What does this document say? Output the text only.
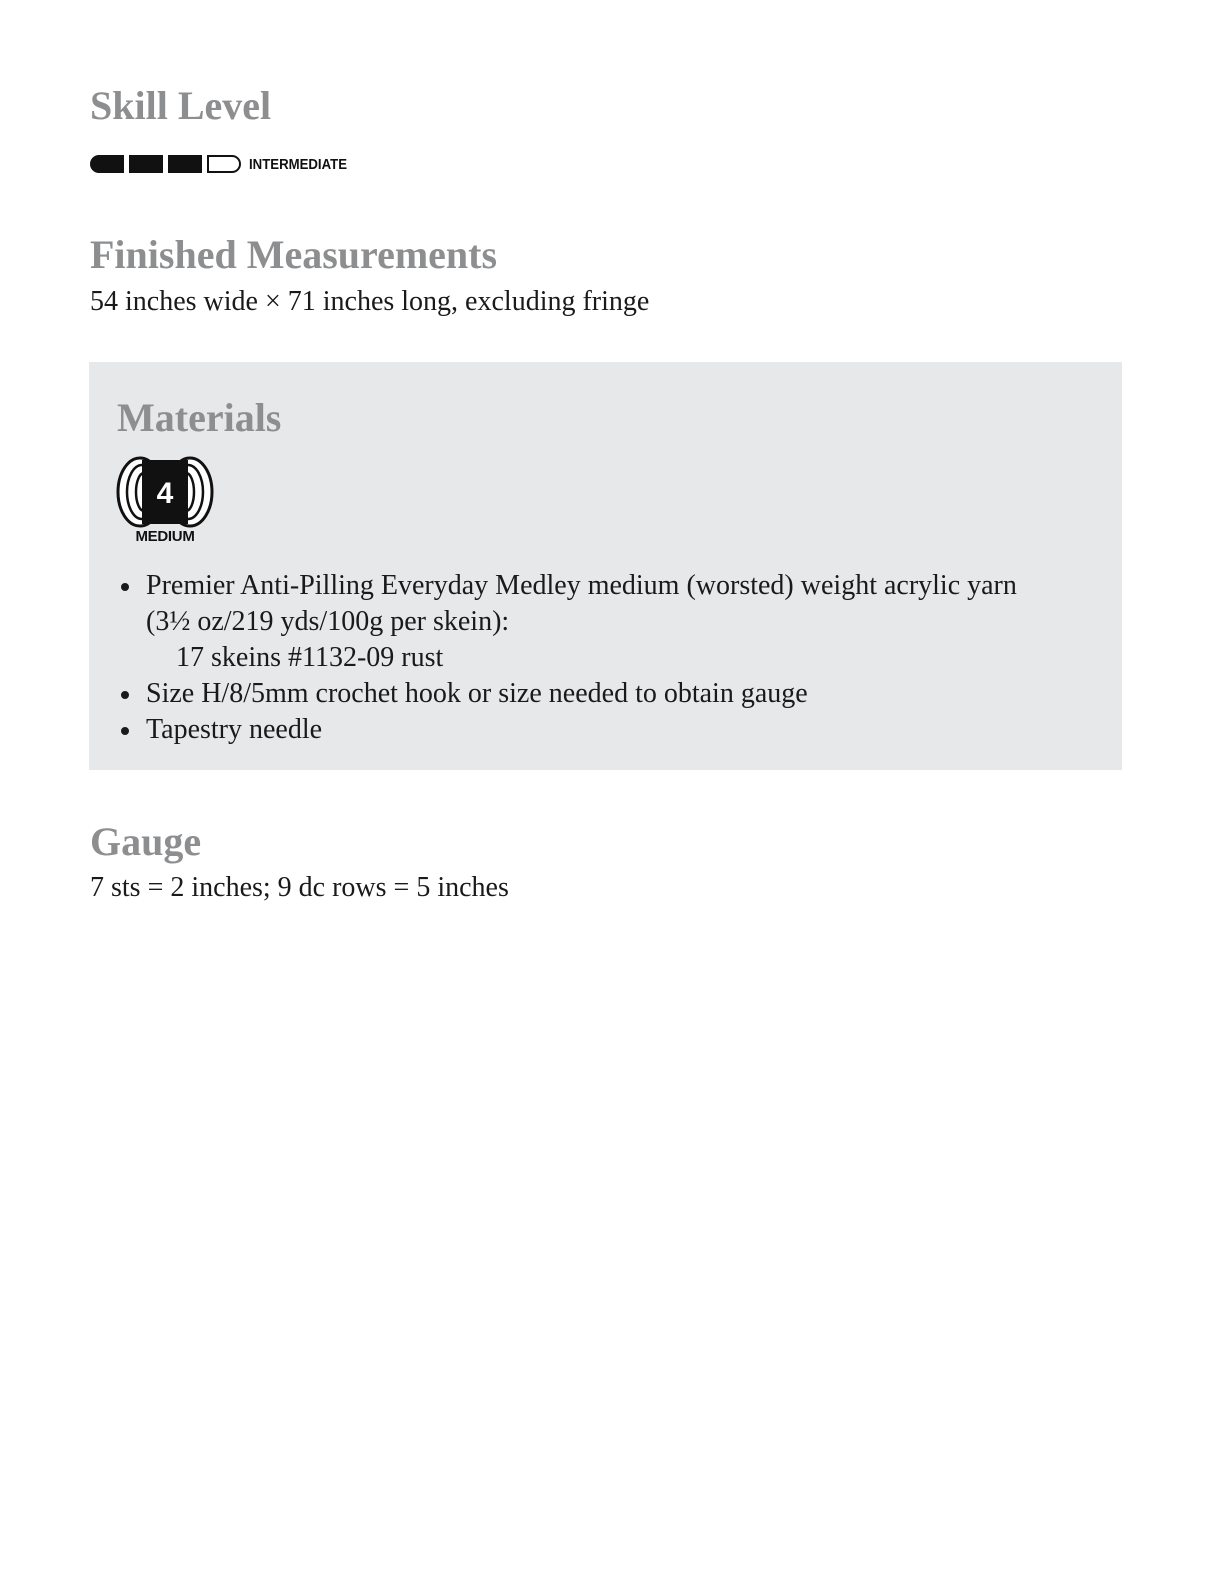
Skill Level
INTERMEDIATE
Finished Measurements

54 inches wide × 71 inches long, excluding fringe

Materials
4
MEDIUM
Premier Anti-Pilling Everyday Medley medium (worsted) weight acrylic yarn
(3½ oz/219 yds/100g per skein):
17 skeins #1132-09 rust
Size H/8/5mm crochet hook or size needed to obtain gauge
Tapestry needle
Gauge

7 sts = 2 inches; 9 dc rows = 5 inches
